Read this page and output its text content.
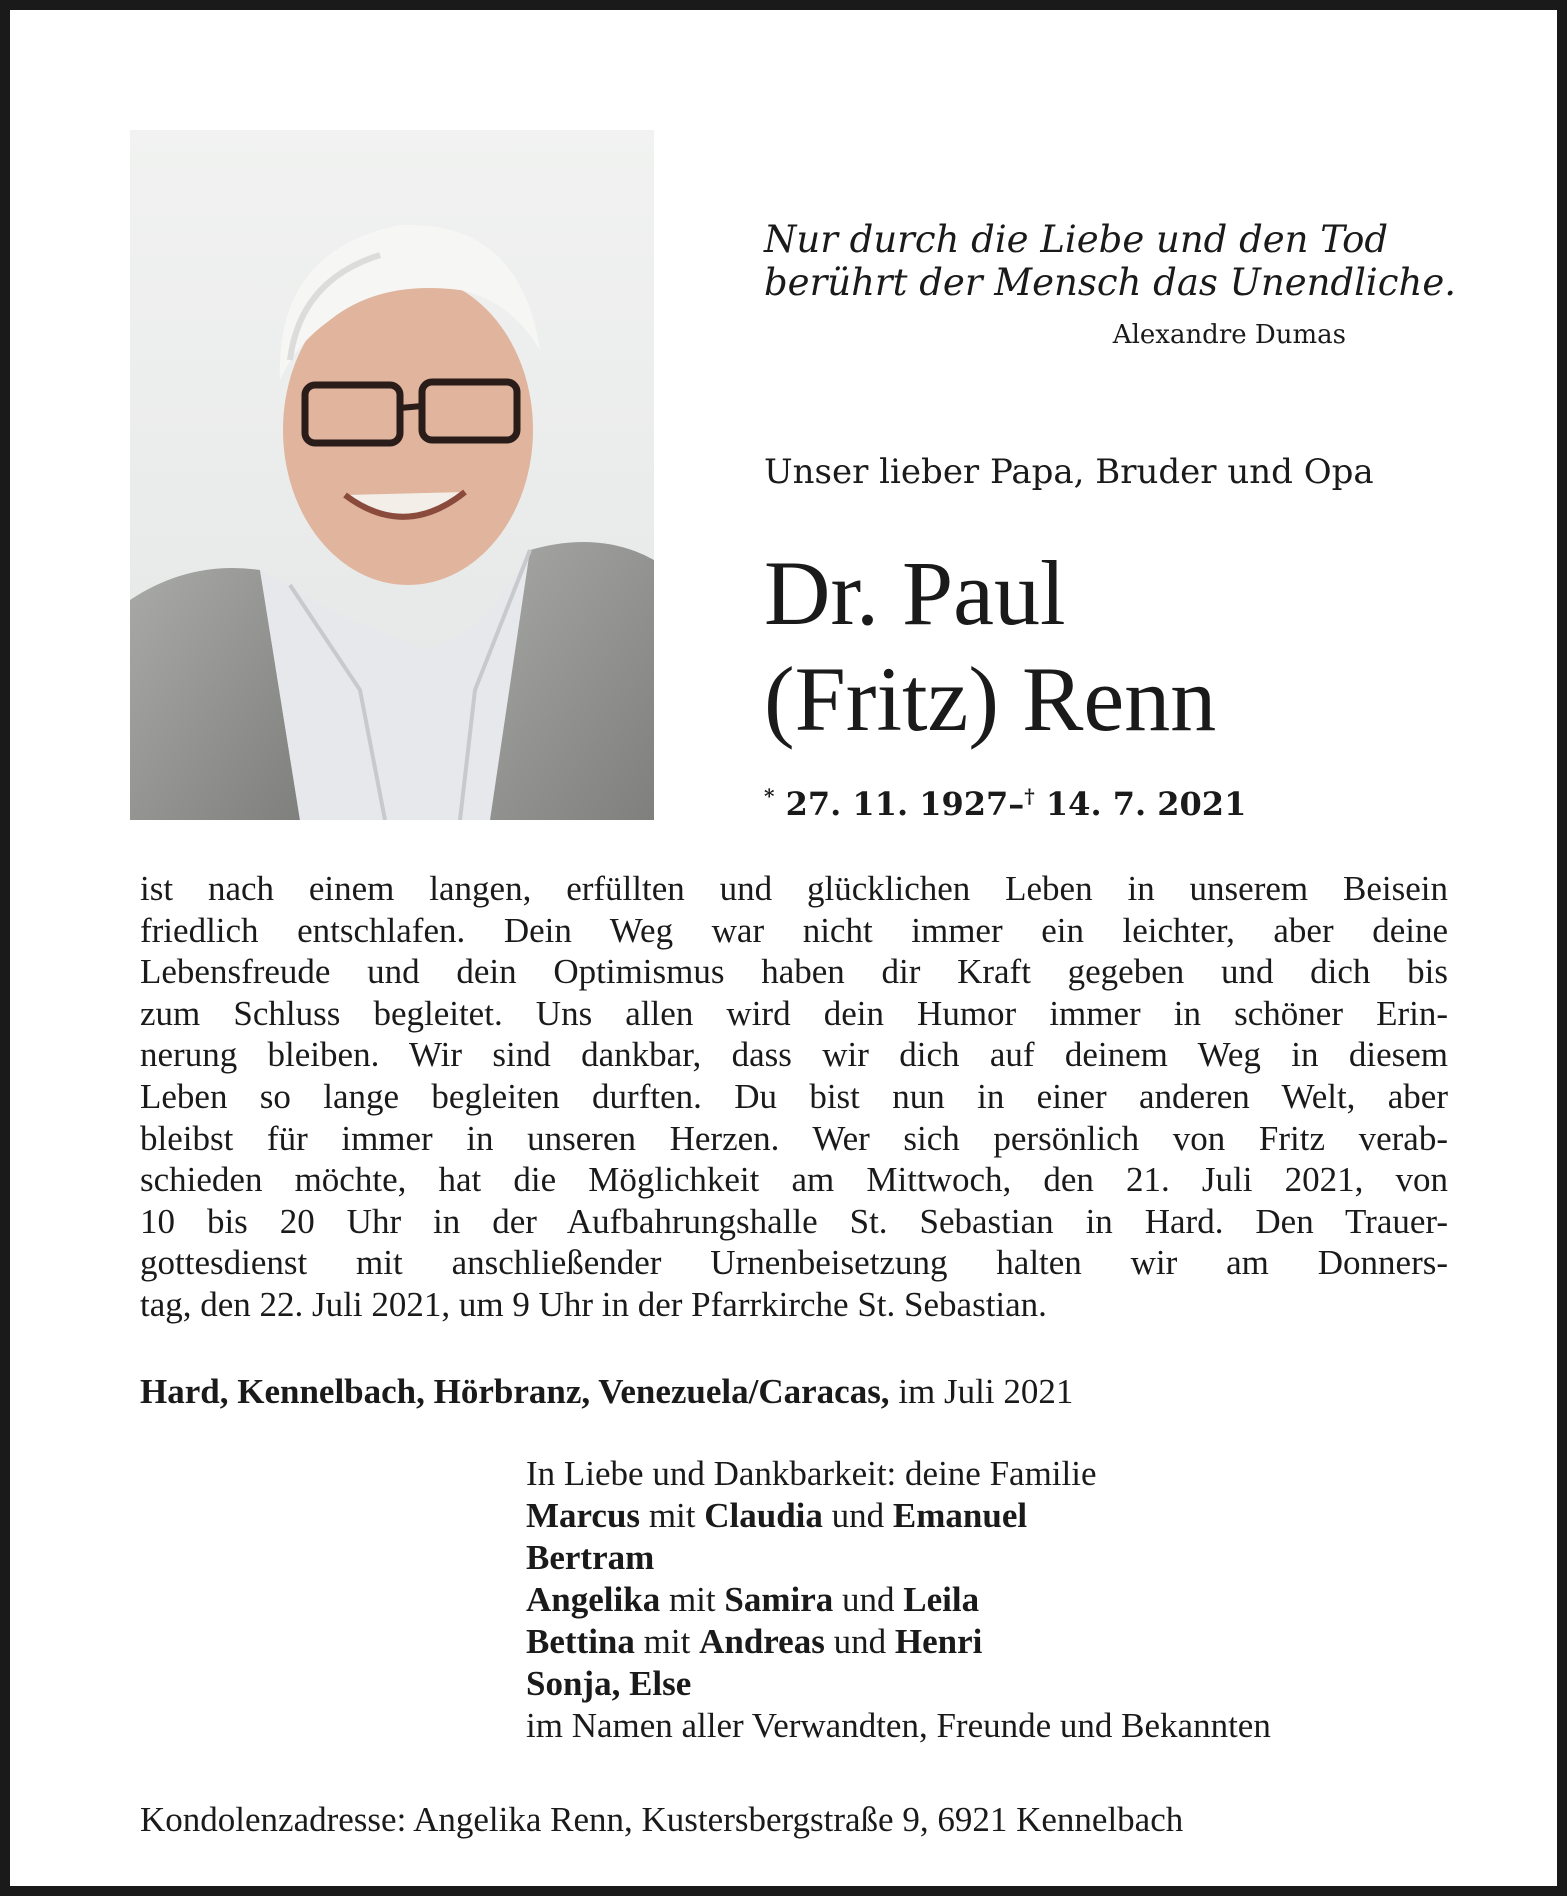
Nur durch die Liebe und den Tod
berührt der Mensch das Unendliche.
Alexandre Dumas
Unser lieber Papa, Bruder und Opa
Dr. Paul
(Fritz) Renn
* 27. 11. 1927–† 14. 7. 2021
ist nach einem langen, erfüllten und glücklichen Leben in unserem Beisein
friedlich entschlafen. Dein Weg war nicht immer ein leichter, aber deine
Lebensfreude und dein Optimismus haben dir Kraft gegeben und dich bis
zum Schluss begleitet. Uns allen wird dein Humor immer in schöner Erin-
nerung bleiben. Wir sind dankbar, dass wir dich auf deinem Weg in diesem
Leben so lange begleiten durften. Du bist nun in einer anderen Welt, aber
bleibst für immer in unseren Herzen. Wer sich persönlich von Fritz verab-
schieden möchte, hat die Möglichkeit am Mittwoch, den 21. Juli 2021, von
10 bis 20 Uhr in der Aufbahrungshalle St. Sebastian in Hard. Den Trauer-
gottesdienst mit anschließender Urnenbeisetzung halten wir am Donners-
tag, den 22. Juli 2021, um 9 Uhr in der Pfarrkirche St. Sebastian.
Hard, Kennelbach, Hörbranz, Venezuela/Caracas, im Juli 2021
In Liebe und Dankbarkeit: deine Familie
Marcus mit Claudia und Emanuel
Bertram
Angelika mit Samira und Leila
Bettina mit Andreas und Henri
Sonja, Else
im Namen aller Verwandten, Freunde und Bekannten
Kondolenzadresse: Angelika Renn, Kustersbergstraße 9, 6921 Kennelbach
